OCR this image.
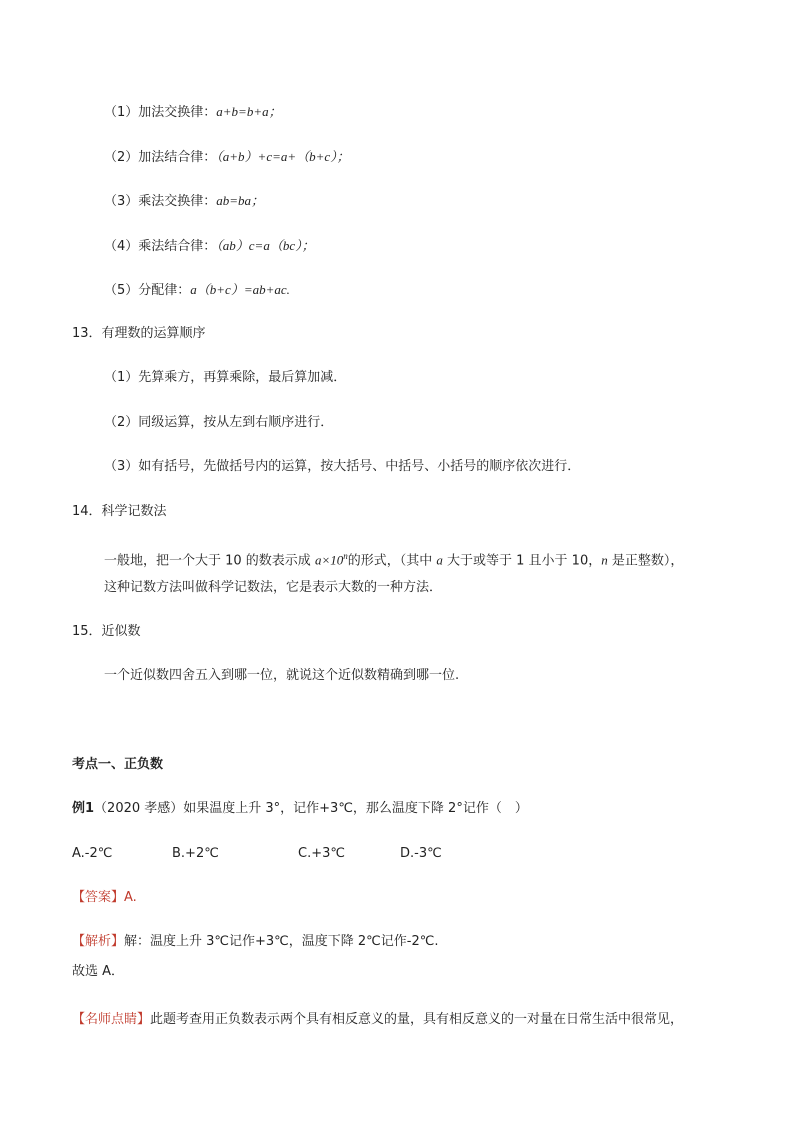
（1）加法交换律：a+b=b+a；
（2）加法结合律：（a+b）+c=a+（b+c）；
（3）乘法交换律：ab=ba；
（4）乘法结合律：（ab）c=a（bc）；
（5）分配律：a（b+c）=ab+ac.
13．有理数的运算顺序
（1）先算乘方，再算乘除，最后算加减．
（2）同级运算，按从左到右顺序进行．
（3）如有括号，先做括号内的运算，按大括号、中括号、小括号的顺序依次进行．
14．科学记数法
一般地，把一个大于 10 的数表示成 $a\times 10^n$的形式，（其中 a 大于或等于 1 且小于 10，n 是正整数），
这种记数方法叫做科学记数法，它是表示大数的一种方法．
15．近似数
一个近似数四舍五入到哪一位，就说这个近似数精确到哪一位.
考点一、正负数
例1（2020 孝感）如果温度上升 3°，记作+3℃，那么温度下降 2°记作（　）
A.-2℃	B.+2℃	C.+3℃	D.-3℃
【答案】A.
【解析】解：温度上升 3℃记作+3℃，温度下降 2℃记作-2℃.
故选 A．
【名师点睛】此题考查用正负数表示两个具有相反意义的量，具有相反意义的一对量在日常生活中很常见，
